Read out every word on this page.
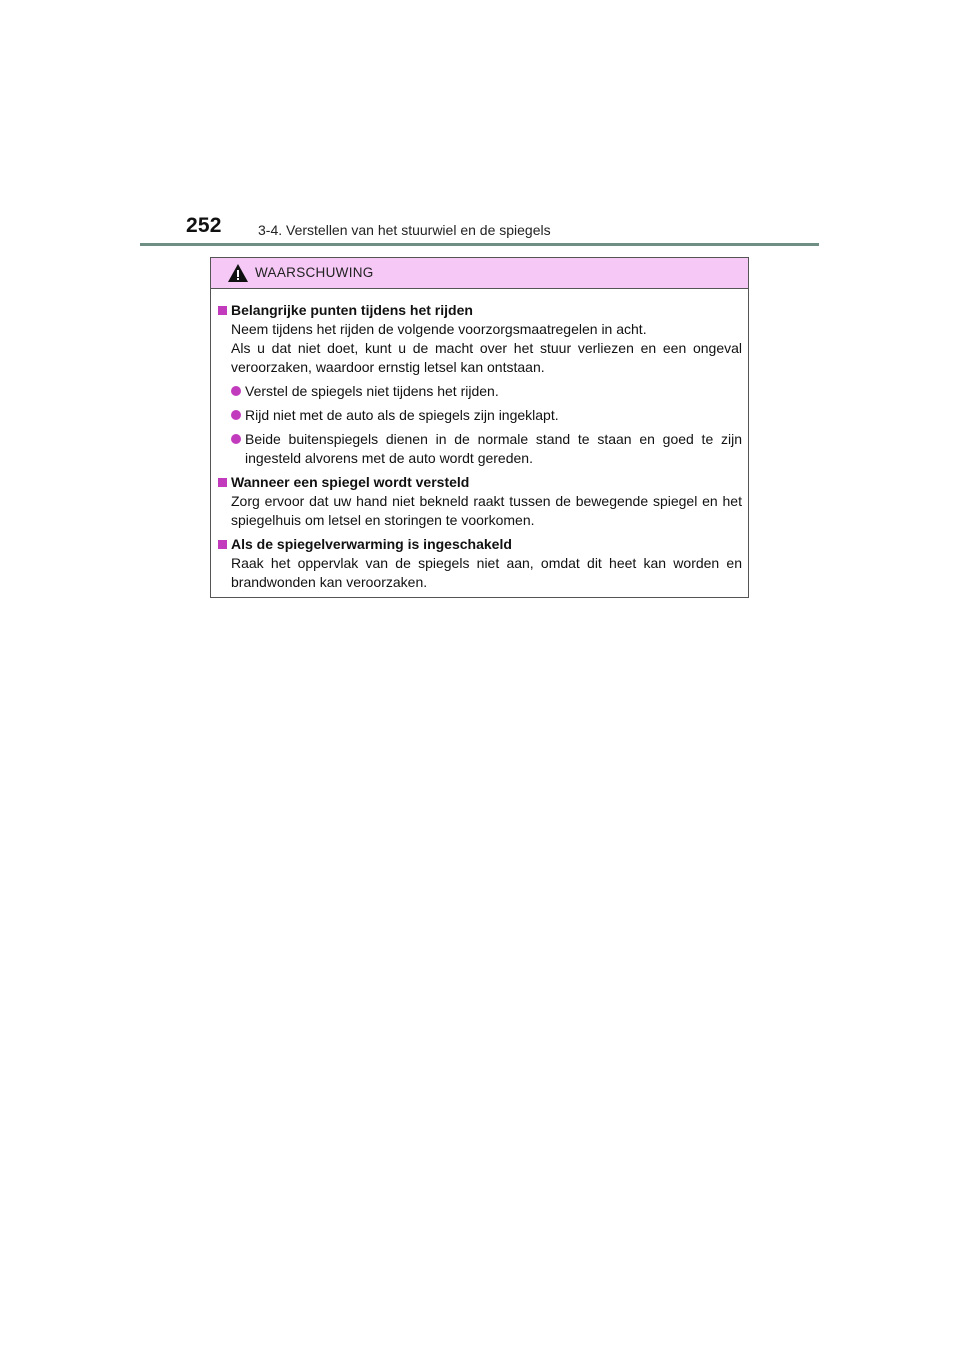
252	3-4. Verstellen van het stuurwiel en de spiegels
WAARSCHUWING
Belangrijke punten tijdens het rijden
Neem tijdens het rijden de volgende voorzorgsmaatregelen in acht.
Als u dat niet doet, kunt u de macht over het stuur verliezen en een ongeval veroorzaken, waardoor ernstig letsel kan ontstaan.
Verstel de spiegels niet tijdens het rijden.
Rijd niet met de auto als de spiegels zijn ingeklapt.
Beide buitenspiegels dienen in de normale stand te staan en goed te zijn ingesteld alvorens met de auto wordt gereden.
Wanneer een spiegel wordt versteld
Zorg ervoor dat uw hand niet bekneld raakt tussen de bewegende spiegel en het spiegelhuis om letsel en storingen te voorkomen.
Als de spiegelverwarming is ingeschakeld
Raak het oppervlak van de spiegels niet aan, omdat dit heet kan worden en brandwonden kan veroorzaken.
